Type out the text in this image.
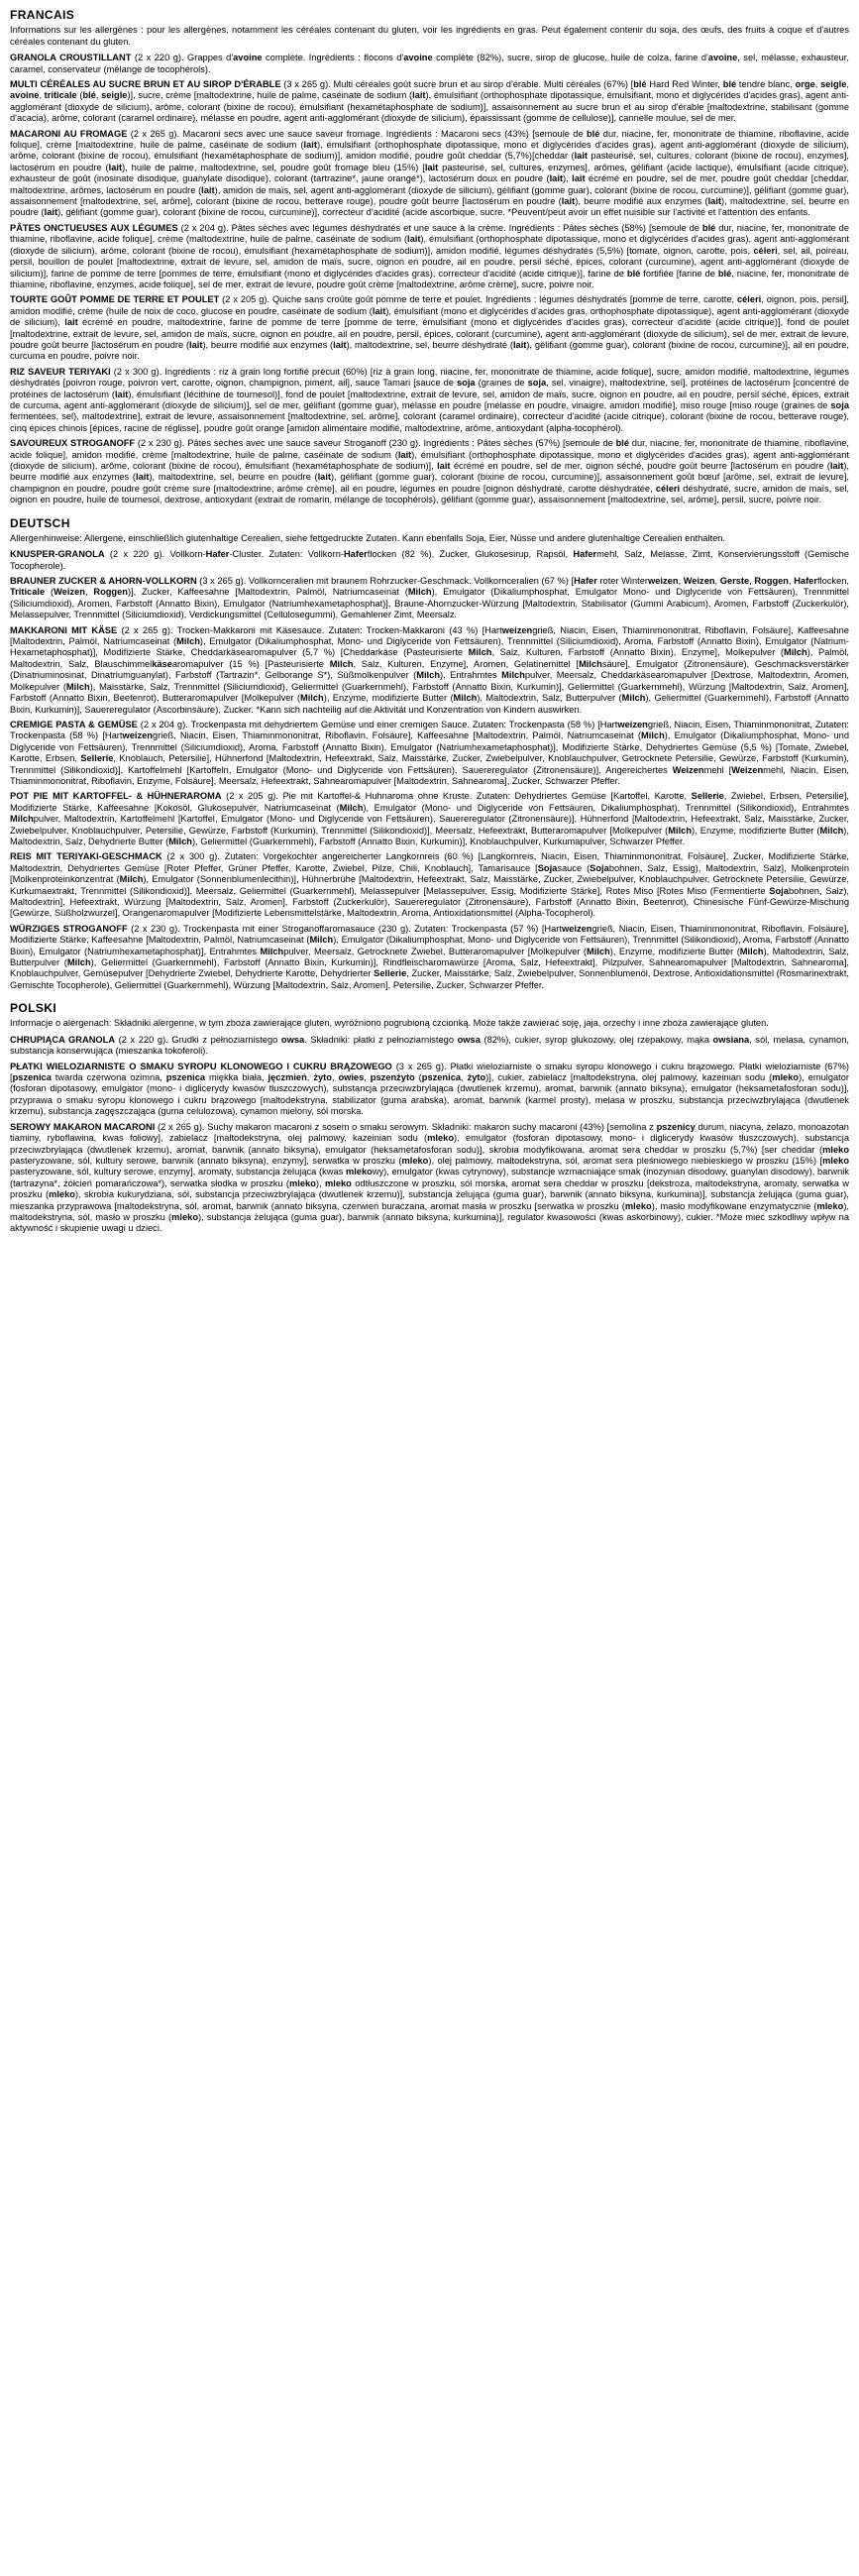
FRANCAIS

Informations sur les allergènes : pour les allergènes, notamment les céréales contenant du gluten, voir les ingrédients en gras. Peut également contenir du soja, des œufs, des fruits à coque et d'autres céréales contenant du gluten.

GRANOLA CROUSTILLANT (2 x 220 g). Grappes d'avoine complète. Ingrédients : flocons d'avoine complète (82%), sucre, sirop de glucose, huile de colza, farine d'avoine, sel, mélasse, exhausteur, caramel, conservateur (mélange de tocophérols).

MULTI CÉRÉALES AU SUCRE BRUN ET AU SIROP D'ÉRABLE (3 x 265 g). Multi céréales goût sucre brun et au sirop d'érable. Multi céréales (67%) [blé Hard Red Winter, blé tendre blanc, orge, seigle, avoine, triticale (blé, seigle)], sucre, crème [maltodextrine, huile de palme, caséinate de sodium (lait), émulsifiant (orthophosphate dipotassique, émulsifiant, mono et diglycérides d'acides gras), agent anti-agglomérant (dioxyde de silicium), arôme, colorant (bixine de rocou), émulsifiant (hexamétaphosphate de sodium)], assaisonnement au sucre brun et au sirop d'érable [maltodextrine, stabilisant (gomme d'acacia), arôme, colorant (caramel ordinaire), mélasse en poudre, agent anti-agglomérant (dioxyde de silicium), épaississant (gomme de cellulose)], cannelle moulue, sel de mer.

MACARONI AU FROMAGE (2 x 265 g). Macaroni secs avec une sauce saveur fromage. Ingrédients : Macaroni secs (43%) [semoule de blé dur, niacine, fer, mononitrate de thiamine, riboflavine, acide folique], crème [maltodextrine, huile de palme, caséinate de sodium (lait), émulsifiant (orthophosphate dipotassique, mono et diglycérides d'acides gras), agent anti-agglomérant (dioxyde de silicium), arôme, colorant (bixine de rocou), émulsifiant (hexamétaphosphate de sodium)], amidon modifié, poudre goût cheddar (5,7%)[cheddar (lait pasteurisé, sel, cultures, colorant (bixine de rocou), enzymes], lactosérum en poudre (lait), huile de palme, maltodextrine, sel, poudre goût fromage bleu (15%) [lait pasteurisé, sel, cultures, enzymes], arômes, gélifiant (acide lactique), émulsifiant (acide citrique), exhausteur de goût (inosinate disodique, guanylate disodique), colorant (tartrazine*, jaune orangé*), lactosérum doux en poudre (lait), lait écrémé en poudre, sel de mer, poudre goût cheddar [cheddar, maltodextrine, arômes, lactosérum en poudre (lait), amidon de maïs, sel, agent anti-agglomérant (dioxyde de silicium), gélifiant (gomme guar), colorant (bixine de rocou, curcumine)], gélifiant (gomme guar), assaisonnement [maltodextrine, sel, arôme], colorant (bixine de rocou, betterave rouge), poudre goût beurre [lactosérum en poudre (lait), beurre modifié aux enzymes (lait), maltodextrine, sel, beurre en poudre (lait), gélifiant (gomme guar), colorant (bixine de rocou, curcumine)], correcteur d'acidité (acide ascorbique, sucre. *Peuvent/peut avoir un effet nuisible sur l'activité et l'attention des enfants.

PÂTES ONCTUEUSES AUX LÉGUMES (2 x 204 g). Pâtes sèches avec légumes déshydratés et une sauce à la crème. Ingrédients : Pâtes sèches (58%) [semoule de blé dur, niacine, fer, mononitrate de thiamine, riboflavine, acide folique], crème (maltodextrine, huile de palme, caséinate de sodium (lait), émulsifiant (orthophosphate dipotassique, mono et diglycérides d'acides gras), agent anti-agglomérant (dioxyde de silicium), arôme, colorant (bixine de rocou), émulsifiant (hexamétaphosphate de sodium)], amidon modifié, légumes déshydratés (5,5%) [tomate, oignon, carotte, pois, céleri, sel, ail, poireau, persil, bouillon de poulet [maltodextrine, extrait de levure, sel, amidon de maïs, sucre, oignon en poudre, ail en poudre, persil séché, épices, colorant (curcumine), agent anti-agglomérant (dioxyde de silicium)], farine de pomme de terre [pommes de terre, émulsifiant (mono et diglycérides d'acides gras), correcteur d'acidité (acide citrique)], farine de blé fortifiée [farine de blé, niacine, fer, mononitrate de thiamine, riboflavine, enzymes, acide folique], sel de mer, extrait de levure, poudre goût crème [maltodextrine, arôme crème], sucre, poivre noir.

TOURTE GOÛT POMME DE TERRE ET POULET (2 x 205 g). Quiche sans croûte goût pomme de terre et poulet. Ingrédients : légumes déshydratés [pomme de terre, carotte, céleri, oignon, pois, persil], amidon modifié, crème (huile de noix de coco, glucose en poudre, caséinate de sodium (lait), émulsifiant (mono et diglycérides d'acides gras, orthophosphate dipotassique), agent anti-agglomérant (dioxyde de silicium), lait écrémé en poudre, maltodextrine, farine de pomme de terre [pomme de terre, émulsifiant (mono et diglycérides d'acides gras), correcteur d'acidité (acide citrique)], fond de poulet [maltodextrine, extrait de levure, sel, amidon de maïs, sucre, oignon en poudre, ail en poudre, persil, épices, colorant (curcumine), agent anti-agglomérant (dioxyde de silicium), sel de mer, extrait de levure, poudre goût beurre [lactosérum en poudre (lait), beurre modifié aux enzymes (lait), maltodextrine, sel, beurre déshydraté (lait), gélifiant (gomme guar), colorant (bixine de rocou, curcumine)], ail en poudre, curcuma en poudre, poivre noir.

RIZ SAVEUR TERIYAKI (2 x 300 g). Ingrédients : riz à grain long fortifié précuit (60%) [riz à grain long, niacine, fer, mononitrate de thiamine, acide folique], sucre, amidon modifié, maltodextrine, légumes déshydratés [poivron rouge, poivron vert, carotte, oignon, champignon, piment, ail], sauce Tamari [sauce de soja (graines de soja, sel, vinaigre), maltodextrine, sel], protéines de lactosérum [concentré de protéines de lactosérum (lait), émulsifiant (lécithine de tournesol)], fond de poulet [maltodextrine, extrait de levure, sel, amidon de maïs, sucre, oignon en poudre, ail en poudre, persil séché, épices, extrait de curcuma, agent anti-agglomérant (dioxyde de silicium)], sel de mer, gélifiant (gomme guar), mélasse en poudre [mélasse en poudre, vinaigre, amidon modifié], miso rouge [miso rouge (graines de soja fermentées, sel), maltodextrine], extrait de levure, assaisonnement [maltodextrine, sel, arôme], colorant (caramel ordinaire), correcteur d'acidité (acide citrique), colorant (bixine de rocou, betterave rouge), cinq épices chinois [épices, racine de réglisse], poudre goût orange [amidon alimentaire modifié, maltodextrine, arôme, antioxydant (alpha-tocophérol).

SAVOUREUX STROGANOFF (2 x 230 g). Pâtes sèches avec une sauce saveur Stroganoff (230 g). Ingrédients : Pâtes sèches (57%) [semoule de blé dur, niacine, fer, mononitrate de thiamine, riboflavine, acide folique], amidon modifié, crème [maltodextrine, huile de palme, caséinate de sodium (lait), émulsifiant (orthophosphate dipotassique, mono et diglycérides d'acides gras), agent anti-agglomérant (dioxyde de silicium), arôme, colorant (bixine de rocou), émulsifiant (hexamétaphosphate de sodium)], lait écrémé en poudre, sel de mer, oignon séché, poudre goût beurre [lactosérum en poudre (lait), beurre modifié aux enzymes (lait), maltodextrine, sel, beurre en poudre (lait), gélifiant (gomme guar), colorant (bixine de rocou, curcumine)], assaisonnement goût bœuf [arôme, sel, extrait de levure], champignon en poudre, poudre goût crème sure [maltodextrine, arôme crème], ail en poudre, légumes en poudre [oignon déshydraté, carotte déshydratée, céleri déshydraté, sucre, amidon de maïs, sel, oignon en poudre, huile de tournesol, dextrose, antioxydant (extrait de romarin, mélange de tocophérols), gélifiant (gomme guar), assaisonnement [maltodextrine, sel, arôme], persil, sucre, poivre noir.

DEUTSCH

Allergenhinweise: Allergene, einschließlich glutenhaltige Cerealien, siehe fettgedruckte Zutaten. Kann ebenfalls Soja, Eier, Nüsse und andere glutenhaltige Cerealien enthalten.

KNUSPER-GRANOLA (2 x 220 g). Vollkorn-Hafer-Cluster. Zutaten: Vollkorn-Haferflocken (82 %), Zucker, Glukosesirup, Rapsöl, Hafermehl, Salz, Melasse, Zimt, Konservierungsstoff (Gemische Tocopherole).

BRAUNER ZUCKER & AHORN-VOLLKORN (3 x 265 g). Vollkornceralien mit braunem Rohrzucker-Geschmack. Vollkornceralien (67 %) [Hafer roter Winterweizen, Weizen, Gerste, Roggen, Haferflocken, Triticale (Weizen, Roggen)], Zucker, Kaffeesahne [Maltodextrin, Palmöl, Natriumcaseinat (Milch), Emulgator (Dikaliumphosphat, Emulgator Mono- und Diglyceride von Fettsäuren), Trennmittel (Siliciumdioxid), Aromen, Farbstoff (Annatto Bixin), Emulgator (Natriumhexametaphosphat)], Braune-Ahornzucker-Würzung [Maltodextrin, Stabilisator (Gummi Arabicum), Aromen, Farbstoff (Zuckerkulör), Melassepulver, Trennmittel (Siliciumdioxid), Verdickungsmittel (Cellulosegummi), Gemahlener Zimt, Meersalz.

MAKKARONI MIT KÄSE (2 x 265 g). Trocken-Makkaroni mit Käsesauce. Zutaten: Trocken-Makkaroni (43 %) [Hartweizengrieß, Niacin, Eisen, Thiaminmononitrat, Riboflavin, Folsäure], Kaffeesahne [Maltodextrin, Palmöl, Natriumcaseinat (Milch), Emulgator (Dikaliumphosphat, Mono- und Diglyceride von Fettsäuren), Trennmittel (Siliciumdioxid), Aroma, Farbstoff (Annatto Bixin), Emulgator (Natrium- Hexametaphosphat)], Modifizierte Stärke, Cheddarkäsearomapulver (5,7 %) [Cheddarkäse (Pasteurisierte Milch, Salz, Kulturen, Farbstoff (Annatto Bixin), Enzyme], Molkepulver (Milch), Palmöl, Maltodextrin, Salz, Blauschimmelkäsearomapulver (15 %) [Pasteurisierte Milch, Salz, Kulturen, Enzyme], Aromen, Gelatinemittel [Milchsäure], Emulgator (Zitronensäure), Geschmacksverstärker (Dinatriuminosinat, Dinatriumguanylat), Farbstoff (Tartrazin*, Gelborange S*), Süßmolkenpulver (Milch), Entrahmtes Milchpulver, Meersalz, Cheddarkäsearomapulver [Dextrose, Maltodextrin, Aromen, Molkepulver (Milch), Maisstärke, Salz, Trennmittel (Siliciumdioxid), Geliermittel (Guarkernmehl), Farbstoff (Annatto Bixin, Kurkumin)], Geliermittel (Guarkernmehl), Würzung [Maltodextrin, Salz, Aromen], Farbstoff (Annatto Bixin, Beetenrot), Butteraromapulver [Molkepulver (Milch), Enzyme, modifizierte Butter (Milch), Maltodextrin, Salz, Butterpulver (Milch), Geliermittel (Guarkernmehl), Farbstoff (Annatto Bixin, Kurkumin)], Sauereregulator (Ascorbinsäure), Zucker. *Kann sich nachteilig auf die Aktivität und Konzentration von Kindern auswirken.

CREMIGE PASTA & GEMÜSE (2 x 204 g). Trockenpasta mit dehydriertem Gemüse und einer cremigen Sauce. Zutaten: Trockenpasta (58 %) [Hartweizengrieß, Niacin, Eisen, Thiaminmononitrat, Zutaten: Trockenpasta (58 %) [Hartweizengrieß, Niacin, Eisen, Thiaminmononitrat, Riboflavin, Folsäure], Kaffeesahne [Maltodextrin, Palmöl, Natriumcaseinat (Milch), Emulgator (Dikaliumphosphat, Mono- und Diglyceride von Fettsäuren), Trennmittel (Siliciumdioxid), Aroma, Farbstoff (Annatto Bixin), Emulgator (Natriumhexametaphosphat)], Modifizierte Stärke, Dehydriertes Gemüse (5,5 %) [Tomate, Zwiebel, Karotte, Erbsen, Sellerie, Knoblauch, Petersilie], Hühnerfond [Maltodextrin, Hefeextrakt, Salz, Maisstärke, Zucker, Zwiebelpulver, Knoblauchpulver, Getrocknete Petersilie, Gewürze, Farbstoff (Kurkumin), Trennmittel (Silikondioxid)], Kartoffelmehl [Kartoffeln, Emulgator (Mono- und Diglyceride von Fettsäuren), Sauereregulator (Zitronensäure)], Angereichertes Weizenmehl [Weizenmehl, Niacin, Eisen, Thiaminmononitrat, Riboflavin, Enzyme, Folsäure], Meersalz, Hefeextrakt, Sahnearomapulver [Maltodextrin, Sahnearoma], Zucker, Schwarzer Pfeffer.

POT PIE MIT KARTOFFEL- & HÜHNERAROMA (2 x 205 g). Pie mit Kartoffel-& Huhnaroma ohne Kruste. Zutaten: Dehydriertes Gemüse [Kartoffel, Karotte, Sellerie, Zwiebel, Erbsen, Petersilie], Modifizierte Stärke, Kaffeesahne [Kokosöl, Glukosepulver, Natriumcaseinat (Milch), Emulgator (Mono- und Diglyceride von Fettsäuren, Dikaliumphosphat), Trennmittel (Silikondioxid), Entrahmtes Milchpulver, Maltodextrin, Kartoffelmehl [Kartoffel, Emulgator (Mono- und Diglyceride von Fettsäuren), Sauereregulator (Zitronensäure)], Hühnerfond [Maltodextrin, Hefeextrakt, Salz, Maisstärke, Zucker, Zwiebelpulver, Knoblauchpulver, Petersilie, Gewürze, Farbstoff (Kurkumin), Trennmittel (Silikondioxid)], Meersalz, Hefeextrakt, Butteraromapulver [Molkepulver (Milch), Enzyme, modifizierte Butter (Milch), Maltodextrin, Salz, Dehydrierte Butter (Milch), Geliermittel (Guarkernmehl), Farbstoff (Annatto Bixin, Kurkumin)], Knoblauchpulver, Kurkumapulver, Schwarzer Pfeffer.

REIS MIT TERIYAKI-GESCHMACK (2 x 300 g). Zutaten: Vorgekochter angereicherter Langkornreis (60 %) [Langkornreis, Niacin, Eisen, Thiaminmononitrat, Folsäure], Zucker, Modifizierte Stärke, Maltodextrin, Dehydriertes Gemüse [Roter Pfeffer, Grüner Pfeffer, Karotte, Zwiebel, Pilze, Chili, Knoblauch], Tamarisauce [Sojasauce (Sojabohnen, Salz, Essig), Maltodextrin, Salz], Molkenprotein [Molkenproteinkonzentrat (Milch), Emulgator (Sonnenblumenlecithin)], Hühnerbrühe [Maltodextrin, Hefeextrakt, Salz, Maisstärke, Zucker, Zwiebelpulver, Knoblauchpulver, Getrocknete Petersilie, Gewürze, Kurkumaextrakt, Trennmittel (Silikondioxid)], Meersalz, Geliermittel (Guarkernmehl), Melassepulver [Melassepulver, Essig, Modifizierte Stärke], Rotes Miso [Rotes Miso (Fermentierte Sojabohnen, Salz), Maltodextrin], Hefeextrakt, Würzung [Maltodextrin, Salz, Aromen], Farbstoff (Zuckerkulör), Sauereregulator (Zitronensäure), Farbstoff (Annatto Bixin, Beetenrot), Chinesische Fünf-Gewürze-Mischung [Gewürze, Süßholzwurzel], Orangenaromapulver [Modifizierte Lebensmittelstärke, Maltodextrin, Aroma, Antioxidationsmittel (Alpha-Tocopherol).

WÜRZIGES STROGANOFF (2 x 230 g). Trockenpasta mit einer Stroganoffaromasauce (230 g). Zutaten: Trockenpasta (57 %) [Hartweizengrieß, Niacin, Eisen, Thiaminmononitrat, Riboflavin, Folsäure], Modifizierte Stärke, Kaffeesahne [Maltodextrin, Palmöl, Natriumcaseinat (Milch), Emulgator (Dikaliumphosphat, Mono- und Diglyceride von Fettsäuren), Trennmittel (Silikondioxid), Aroma, Farbstoff (Annatto Bixin), Emulgator (Natriumhexametaphosphat)], Entrahmtes Milchpulver, Meersalz, Getrocknete Zwiebel, Butteraromapulver [Molkepulver (Milch), Enzyme, modifizierte Butter (Milch), Maltodextrin, Salz, Butterpulver (Milch), Geliermittel (Guarkernmehl), Farbstoff (Annatto Bixin, Kurkumin)], Rindfleischaromawürze [Aroma, Salz, Hefeextrakt], Pilzpulver, Sahnearomapulver [Maltodextrin, Sahnearoma], Knoblauchpulver, Gemüsepulver [Dehydrierte Zwiebel, Dehydrierte Karotte, Dehydrierter Sellerie, Zucker, Maisstärke, Salz, Zwiebelpulver, Sonnenblumenöl, Dextrose, Antioxidationsmittel (Rosmarinextrakt, Gemischte Tocopherole), Geliermittel (Guarkernmehl), Würzung [Maltodextrin, Salz, Aromen], Petersilie, Zucker, Schwarzer Pfeffer.

POLSKI

Informacje o alergenach: Składniki alergenne, w tym zboża zawierające gluten, wyróżniono pogrubioną czcionką. Może także zawierać soję, jaja, orzechy i inne zboża zawierające gluten.

CHRUPIĄCA GRANOLA (2 x 220 g). Grudki z pełnoziarnistego owsa. Składniki: płatki z pełnoziarnistego owsa (82%), cukier, syrop glukozowy, olej rzepakowy, mąka owsiana, sól, melasa, cynamon, substancja konserwująca (mieszanka tokoferoli).

PŁATKI WIELOZIARNISTE O SMAKU SYROPU KLONOWEGO I CUKRU BRĄZOWEGO (3 x 265 g). Płatki wieloziarniste o smaku syropu klonowego i cukru brązowego. Płatki wieloziarniste (67%) [pszenica twarda czerwona ozimna, pszenica miękka biała, jęczmień, żyto, owies, pszenżyto (pszenica, żyto)], cukier, zabielacz [maltodekstryna, olej palmowy, kazeinian sodu (mleko), emulgator (fosforan dipotasowy, emulgator (mono- i diglicerydy kwasów tłuszczowych), substancja przeciwzbrylająca (dwutlenek krzemu), aromat, barwnik (annato biksyna), emulgator (heksametafosforan sodu)], przyprawa o smaku syropu klonowego i cukru brązowego [maltodekstryna, stabilizator (guma arabska), aromat, barwnik (karmel prosty), melasa w proszku, substancja przeciwzbrylająca (dwutlenek krzemu), substancja zagęszczająca (guma celulozowa), cynamon mielony, sól morska.

SEROWY MAKARON MACARONI (2 x 265 g). Suchy makaron macaroni z sosem o smaku serowym. Składniki: makaron suchy macaroni (43%) [semolina z pszenicy durum, niacyna, żelazo, monoazotan tiaminy, ryboflawina, kwas foliowy], zabielacz [maltodekstryna, olej palmowy, kazeinian sodu (mleko), emulgator (fosforan dipotasowy, mono- i diglicerydy kwasów tłuszczowych), substancja przeciwzbrylająca (dwutlenek krzemu), aromat, barwnik (annato biksyna), emulgator (heksametafosforan sodu)], skrobia modyfikowana, aromat sera cheddar w proszku (5,7%) [ser cheddar (mleko pasteryzowane, sól, kultury serowe, barwnik (annato biksyna), enzymy], serwatka w proszku (mleko), olej palmowy, maltodekstryna, sól, aromat sera pleśniowego niebieskiego w proszku (15%) [mleko pasteryzowane, sól, kultury serowe, enzymy], aromaty, substancja żelująca (kwas mlekowy), emulgator (kwas cytrynowy), substancje wzmacniające smak (inozynian disodowy, guanylan disodowy), barwnik (tartrazyna*, żółcień pomarańczowa*), serwatka słodka w proszku (mleko), mleko odtłuszczone w proszku, sól morska, aromat sera cheddar w proszku [dekstroza, maltodekstryna, aromaty, serwatka w proszku (mleko), skrobia kukurydziana, sól, substancja przeciwzbrylająca (dwutlenek krzemu)], substancja żelująca (guma guar), barwnik (annato biksyna, kurkumina)], substancja żelująca (guma guar), mieszanka przyprawowa [maltodekstryna, sól, aromat, barwnik (annato biksyna, czerwień buraczana, aromat masła w proszku [serwatka w proszku (mleko), masło modyfikowane enzymatycznie (mleko), maltodekstryna, sól, masło w proszku (mleko), substancja żelująca (guma guar), barwnik (annato biksyna, kurkumina)], regulator kwasowości (kwas askorbinowy), cukier. *Może mieć szkodliwy wpływ na aktywność i skupienie uwagi u dzieci.
